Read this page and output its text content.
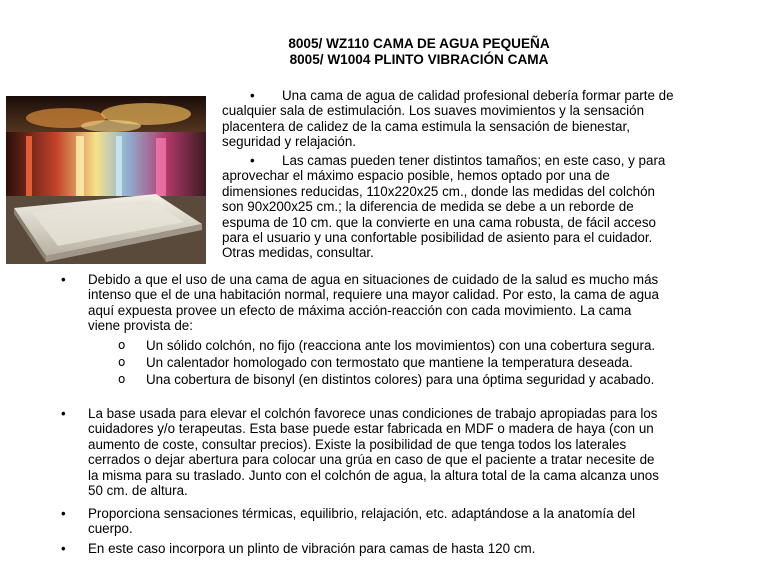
8005/ WZ110 CAMA DE AGUA PEQUEÑA
8005/ W1004 PLINTO VIBRACIÓN CAMA
• Una cama de agua de calidad profesional debería formar parte de
cualquier sala de estimulación. Los suaves movimientos y la sensación
placentera de calidez de la cama estimula la sensación de bienestar,
seguridad y relajación.
• Las camas pueden tener distintos tamaños; en este caso, y para
aprovechar el máximo espacio posible, hemos optado por una de
dimensiones reducidas, 110x220x25 cm., donde las medidas del colchón
son 90x200x25 cm.; la diferencia de medida se debe a un reborde de
espuma de 10 cm. que la convierte en una cama robusta, de fácil acceso
para el usuario y una confortable posibilidad de asiento para el cuidador.
Otras medidas, consultar.
• Debido a que el uso de una cama de agua en situaciones de cuidado de la salud es mucho más
intenso que el de una habitación normal, requiere una mayor calidad. Por esto, la cama de agua
aquí expuesta provee un efecto de máxima acción-reacción con cada movimiento. La cama
viene provista de:
o Un sólido colchón, no fijo (reacciona ante los movimientos) con una cobertura segura.
o Un calentador homologado con termostato que mantiene la temperatura deseada.
o Una cobertura de bisonyl (en distintos colores) para una óptima seguridad y acabado.
• La base usada para elevar el colchón favorece unas condiciones de trabajo apropiadas para los
cuidadores y/o terapeutas. Esta base puede estar fabricada en MDF o madera de haya (con un
aumento de coste, consultar precios). Existe la posibilidad de que tenga todos los laterales
cerrados o dejar abertura para colocar una grúa en caso de que el paciente a tratar necesite de
la misma para su traslado. Junto con el colchón de agua, la altura total de la cama alcanza unos
50 cm. de altura.
• Proporciona sensaciones térmicas, equilibrio, relajación, etc. adaptándose a la anatomía del
cuerpo.
• En este caso incorpora un plinto de vibración para camas de hasta 120 cm.
